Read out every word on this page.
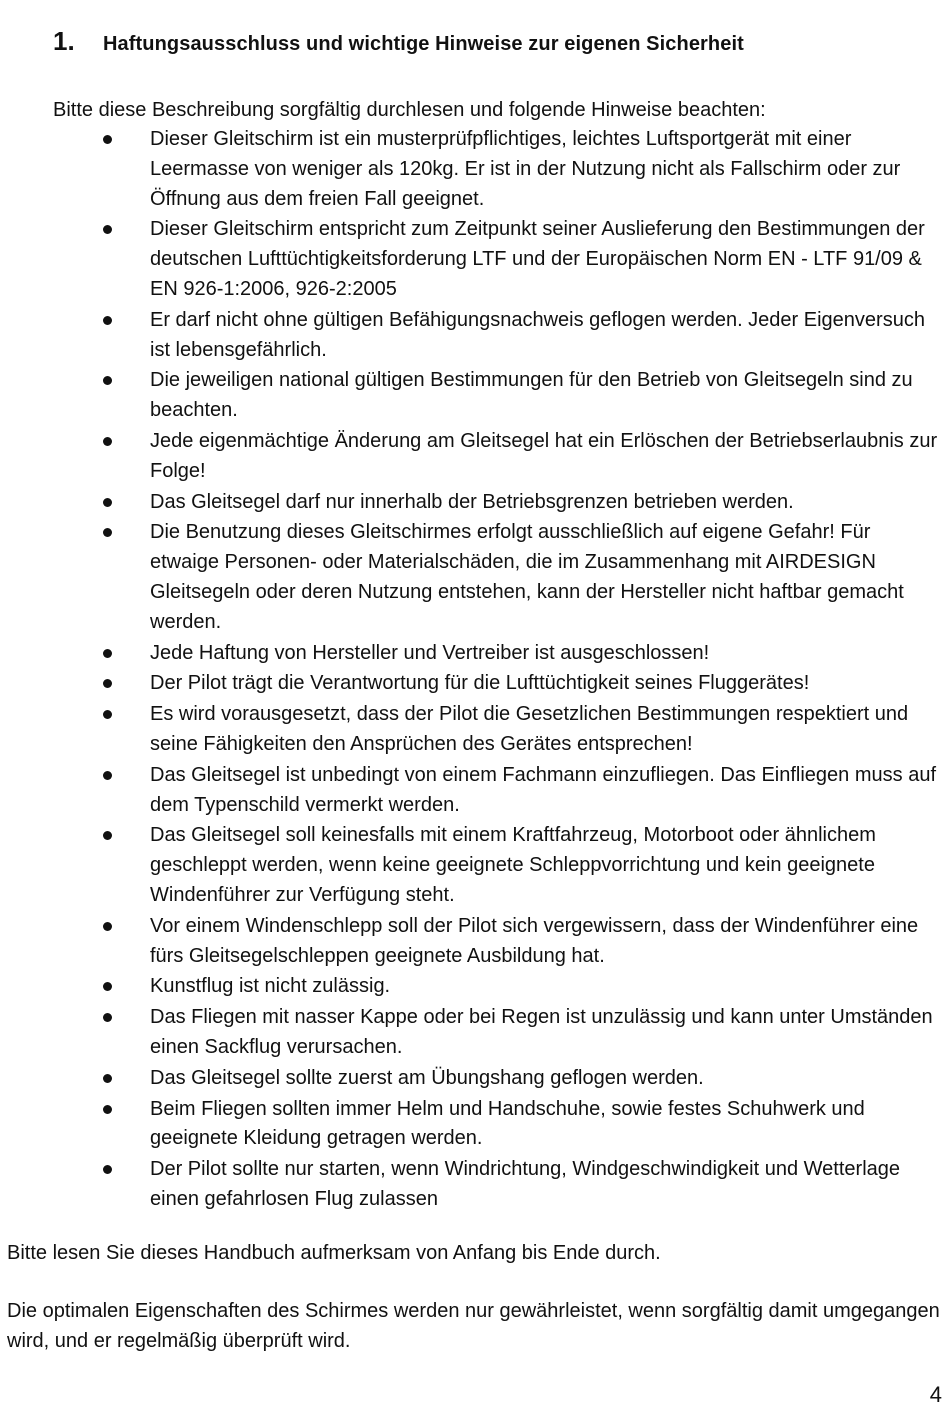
1.	Haftungsausschluss und wichtige Hinweise zur eigenen Sicherheit

Bitte diese Beschreibung sorgfältig durchlesen und folgende Hinweise beachten:

Dieser Gleitschirm ist ein musterprüfpflichtiges, leichtes Luftsportgerät mit einer Leermasse von weniger als 120kg. Er ist in der Nutzung nicht als Fallschirm oder zur Öffnung aus dem freien Fall geeignet.
Dieser Gleitschirm entspricht zum Zeitpunkt seiner Auslieferung den Bestimmungen der deutschen Lufttüchtigkeitsforderung LTF und der Europäischen Norm EN - LTF 91/09 & EN 926-1:2006, 926-2:2005
Er darf nicht ohne gültigen Befähigungsnachweis geflogen werden. Jeder Eigenversuch ist lebensgefährlich.
Die jeweiligen national gültigen Bestimmungen für den Betrieb von Gleitsegeln sind zu beachten.
Jede eigenmächtige Änderung am Gleitsegel hat ein Erlöschen der Betriebserlaubnis zur Folge!
Das Gleitsegel darf nur innerhalb der Betriebsgrenzen betrieben werden.
Die Benutzung dieses Gleitschirmes erfolgt ausschließlich auf eigene Gefahr! Für etwaige Personen- oder Materialschäden, die im Zusammenhang mit AIRDESIGN Gleitsegeln oder deren Nutzung entstehen, kann der Hersteller nicht haftbar gemacht werden.
Jede Haftung von Hersteller und Vertreiber ist ausgeschlossen!
Der Pilot trägt die Verantwortung für die Lufttüchtigkeit seines Fluggerätes!
Es wird vorausgesetzt, dass der Pilot die Gesetzlichen Bestimmungen respektiert und seine Fähigkeiten den Ansprüchen des Gerätes entsprechen!
Das Gleitsegel ist unbedingt von einem Fachmann einzufliegen. Das Einfliegen muss auf dem Typenschild vermerkt werden.
Das Gleitsegel soll keinesfalls mit einem Kraftfahrzeug, Motorboot oder ähnlichem geschleppt werden, wenn keine geeignete Schleppvorrichtung und kein geeignete Windenführer zur Verfügung steht.
Vor einem Windenschlepp soll der Pilot sich vergewissern, dass der Windenführer eine fürs Gleitsegelschleppen geeignete Ausbildung hat.
Kunstflug ist nicht zulässig.
Das Fliegen mit nasser Kappe oder bei Regen ist unzulässig und kann unter Umständen einen Sackflug verursachen.
Das Gleitsegel sollte zuerst am Übungshang geflogen werden.
Beim Fliegen sollten immer Helm und Handschuhe, sowie festes Schuhwerk und geeignete Kleidung getragen werden.
Der Pilot sollte nur starten, wenn Windrichtung, Windgeschwindigkeit und Wetterlage einen gefahrlosen Flug zulassen

Bitte lesen Sie dieses Handbuch aufmerksam von Anfang bis Ende durch.

Die optimalen Eigenschaften des Schirmes werden nur gewährleistet, wenn sorgfältig damit umgegangen wird, und er regelmäßig überprüft wird.

4
